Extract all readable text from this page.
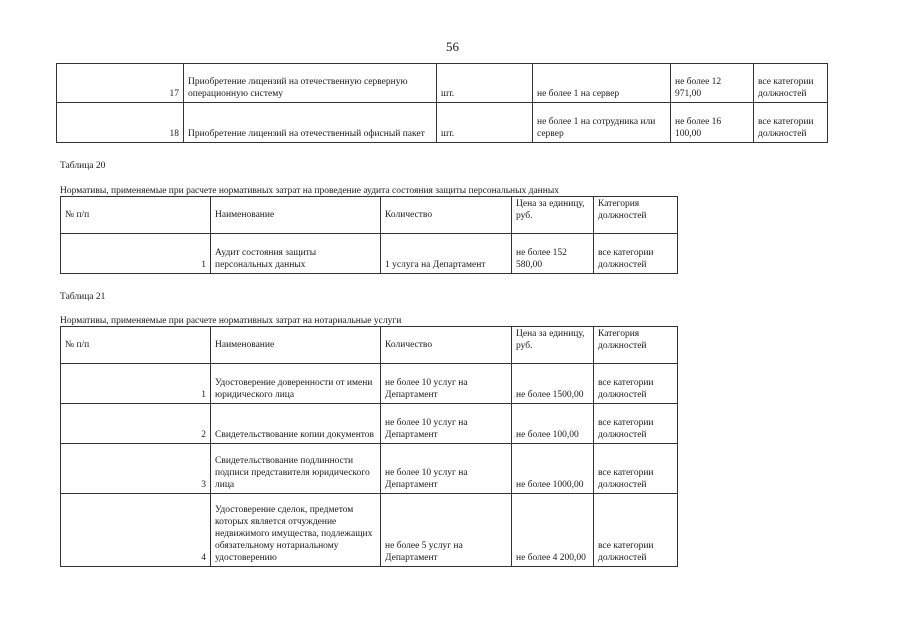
56
17	Приобретение лицензий на отечественную серверную операционную систему	шт.	не более 1 на сервер	не более 12 971,00	все категории должностей
18	Приобретение лицензий на отечественный офисный пакет	шт.	не более 1 на сотрудника или сервер	не более 16 100,00	все категории должностей
Таблица 20
Нормативы, применяемые при расчете нормативных затрат на проведение аудита состояния защиты персональных данных
№ п/п	Наименование	Количество	Цена за единицу, руб.	Категория должностей
1	Аудит состояния защиты персональных данных	1 услуга на Департамент	не более 152 580,00	все категории должностей
Таблица 21
Нормативы, применяемые при расчете нормативных затрат на нотариальные услуги
№ п/п	Наименование	Количество	Цена за единицу, руб.	Категория должностей
1	Удостоверение доверенности от имени юридического лица	не более 10 услуг на Департамент	не более 1500,00	все категории должностей
2	Свидетельствование копии документов	не более 10 услуг на Департамент	не более 100,00	все категории должностей
3	Свидетельствование подлинности подписи представителя юридического лица	не более 10 услуг на Департамент	не более 1000,00	все категории должностей
4	Удостоверение сделок, предметом которых является отчуждение недвижимого имущества, подлежащих обязательному нотариальному удостоверению	не более 5 услуг на Департамент	не более 4 200,00	все категории должностей
